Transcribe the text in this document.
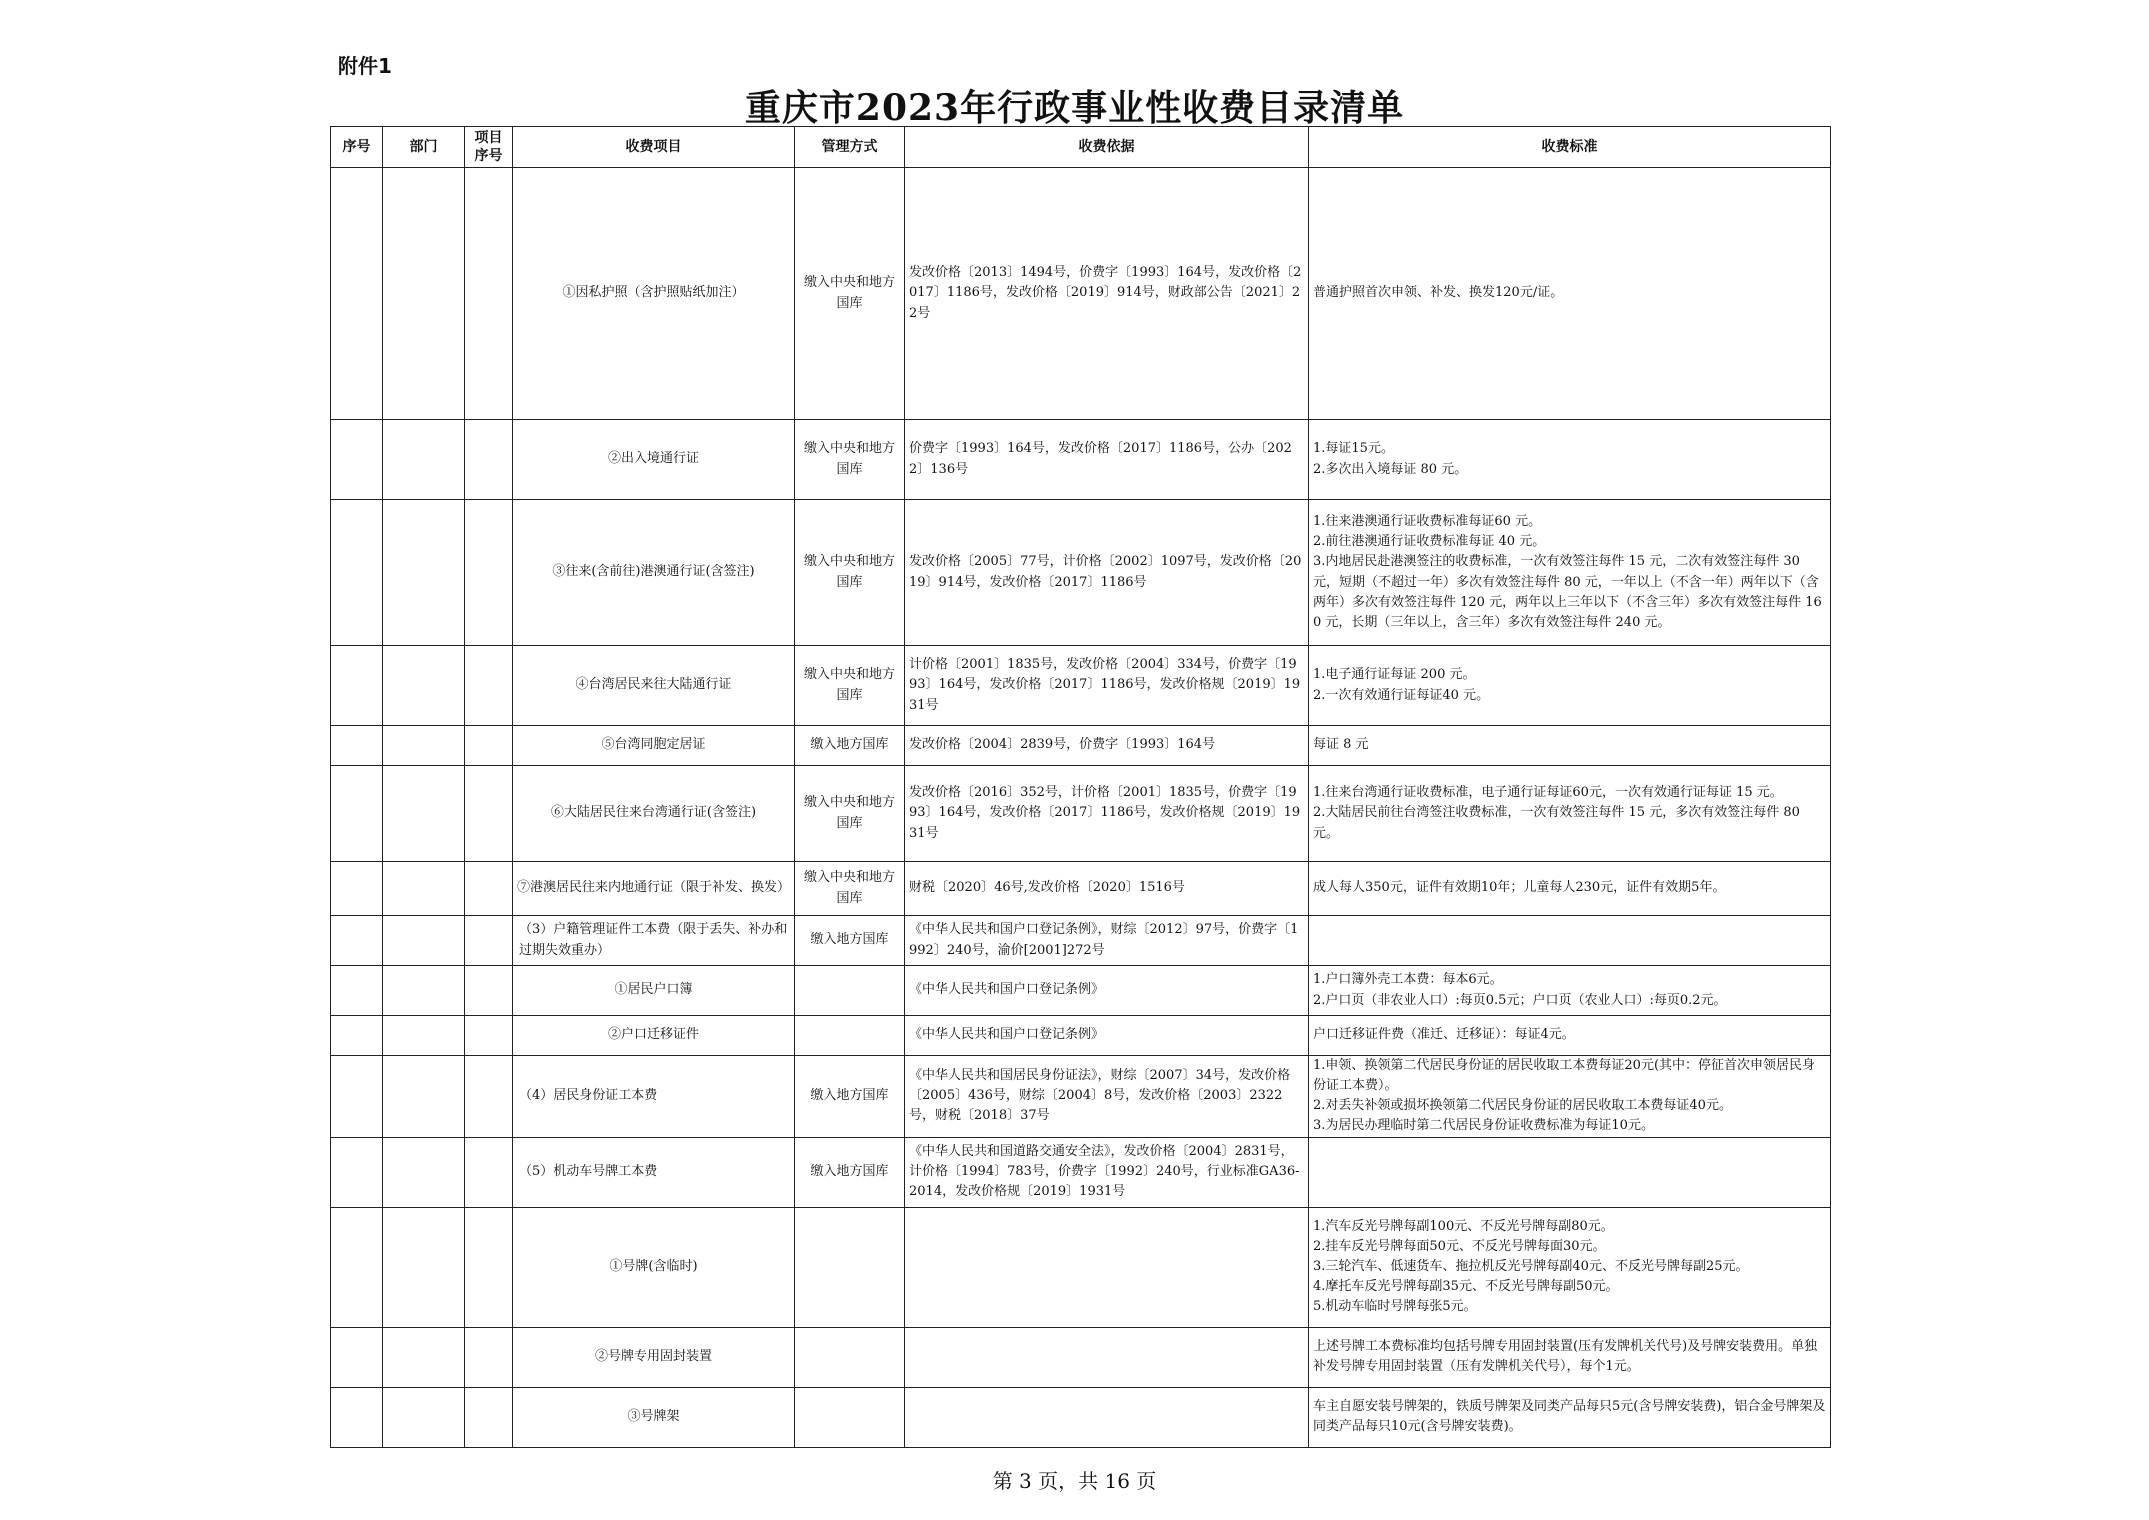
附件1
重庆市2023年行政事业性收费目录清单
序号	部门	项目序号	收费项目	管理方式	收费依据	收费标准
			①因私护照（含护照贴纸加注）	缴入中央和地方国库	发改价格〔2013〕1494号，价费字〔1993〕164号，发改价格〔2017〕1186号，发改价格〔2019〕914号，财政部公告〔2021〕22号	普通护照首次申领、补发、换发120元/证。
			②出入境通行证	缴入中央和地方国库	价费字〔1993〕164号，发改价格〔2017〕1186号，公办〔2022〕136号	1.每证15元。
2.多次出入境每证 80 元。
			③往来(含前往)港澳通行证(含签注)	缴入中央和地方国库	发改价格〔2005〕77号，计价格〔2002〕1097号，发改价格〔2019〕914号，发改价格〔2017〕1186号	1.往来港澳通行证收费标准每证60 元。
2.前往港澳通行证收费标准每证 40 元。
3.内地居民赴港澳签注的收费标准，一次有效签注每件 15 元，二次有效签注每件 30 元，短期（不超过一年）多次有效签注每件 80 元，一年以上（不含一年）两年以下（含两年）多次有效签注每件 120 元，两年以上三年以下（不含三年）多次有效签注每件 160 元，长期（三年以上，含三年）多次有效签注每件 240 元。
			④台湾居民来往大陆通行证	缴入中央和地方国库	计价格〔2001〕1835号，发改价格〔2004〕334号，价费字〔1993〕164号，发改价格〔2017〕1186号，发改价格规〔2019〕1931号	1.电子通行证每证 200 元。
2.一次有效通行证每证40 元。
			⑤台湾同胞定居证	缴入地方国库	发改价格〔2004〕2839号，价费字〔1993〕164号	每证 8 元
			⑥大陆居民往来台湾通行证(含签注)	缴入中央和地方国库	发改价格〔2016〕352号，计价格〔2001〕1835号，价费字〔1993〕164号，发改价格〔2017〕1186号，发改价格规〔2019〕1931号	1.往来台湾通行证收费标准，电子通行证每证60元，一次有效通行证每证 15 元。
2.大陆居民前往台湾签注收费标准，一次有效签注每件 15 元，多次有效签注每件 80 元。
			⑦港澳居民往来内地通行证（限于补发、换发）	缴入中央和地方国库	财税〔2020〕46号,发改价格〔2020〕1516号	成人每人350元，证件有效期10年；儿童每人230元，证件有效期5年。
			（3）户籍管理证件工本费（限于丢失、补办和过期失效重办）	缴入地方国库	《中华人民共和国户口登记条例》，财综〔2012〕97号，价费字〔1992〕240号，渝价[2001]272号	
			①居民户口簿		《中华人民共和国户口登记条例》	1.户口簿外壳工本费：每本6元。
2.户口页（非农业人口）:每页0.5元；户口页（农业人口）:每页0.2元。
			②户口迁移证件		《中华人民共和国户口登记条例》	户口迁移证件费（准迁、迁移证）：每证4元。
			（4）居民身份证工本费	缴入地方国库	《中华人民共和国居民身份证法》，财综〔2007〕34号，发改价格〔2005〕436号，财综〔2004〕8号，发改价格〔2003〕2322号，财税〔2018〕37号	1.申领、换领第二代居民身份证的居民收取工本费每证20元(其中：停征首次申领居民身份证工本费）。
2.对丢失补领或损坏换领第二代居民身份证的居民收取工本费每证40元。
3.为居民办理临时第二代居民身份证收费标准为每证10元。
			（5）机动车号牌工本费	缴入地方国库	《中华人民共和国道路交通安全法》，发改价格〔2004〕2831号，计价格〔1994〕783号，价费字〔1992〕240号，行业标准GA36-2014，发改价格规〔2019〕1931号	
			①号牌(含临时)			1.汽车反光号牌每副100元、不反光号牌每副80元。
2.挂车反光号牌每面50元、不反光号牌每面30元。
3.三轮汽车、低速货车、拖拉机反光号牌每副40元、不反光号牌每副25元。
4.摩托车反光号牌每副35元、不反光号牌每副50元。
5.机动车临时号牌每张5元。
			②号牌专用固封装置			上述号牌工本费标准均包括号牌专用固封装置(压有发牌机关代号)及号牌安装费用。单独补发号牌专用固封装置（压有发牌机关代号），每个1元。
			③号牌架			车主自愿安装号牌架的，铁质号牌架及同类产品每只5元(含号牌安装费)，铝合金号牌架及同类产品每只10元(含号牌安装费)。
第 3 页，共 16 页
